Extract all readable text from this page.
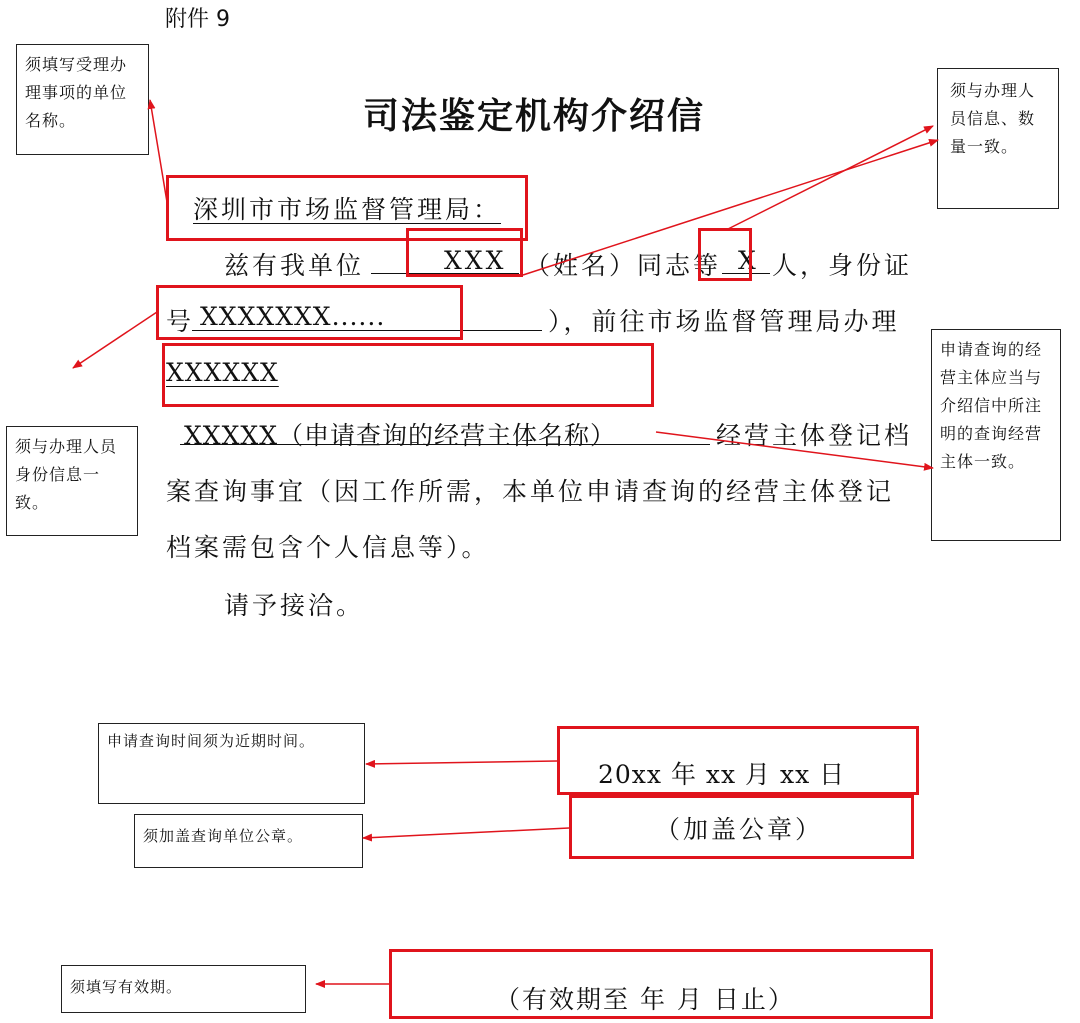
附件 9
司法鉴定机构介绍信
深圳市市场监督管理局：
兹有我单位	XXX （姓名）同志等 X 人，身份证
号 XXXXXXX......	），前往市场监督管理局办理
XXXXXX
XXXXX（申请查询的经营主体名称）	经营主体登记档
案查询事宜（因工作所需，本单位申请查询的经营主体登记
档案需包含个人信息等）。
请予接洽。
20xx 年 xx 月 xx 日
（加盖公章）
（有效期至 年 月 日止）
须填写受理办理事项的单位名称。
须与办理人员信息、数量一致。
须与办理人员身份信息一致。
申请查询的经营主体应当与介绍信中所注明的查询经营主体一致。
申请查询时间须为近期时间。
须加盖查询单位公章。
须填写有效期。
